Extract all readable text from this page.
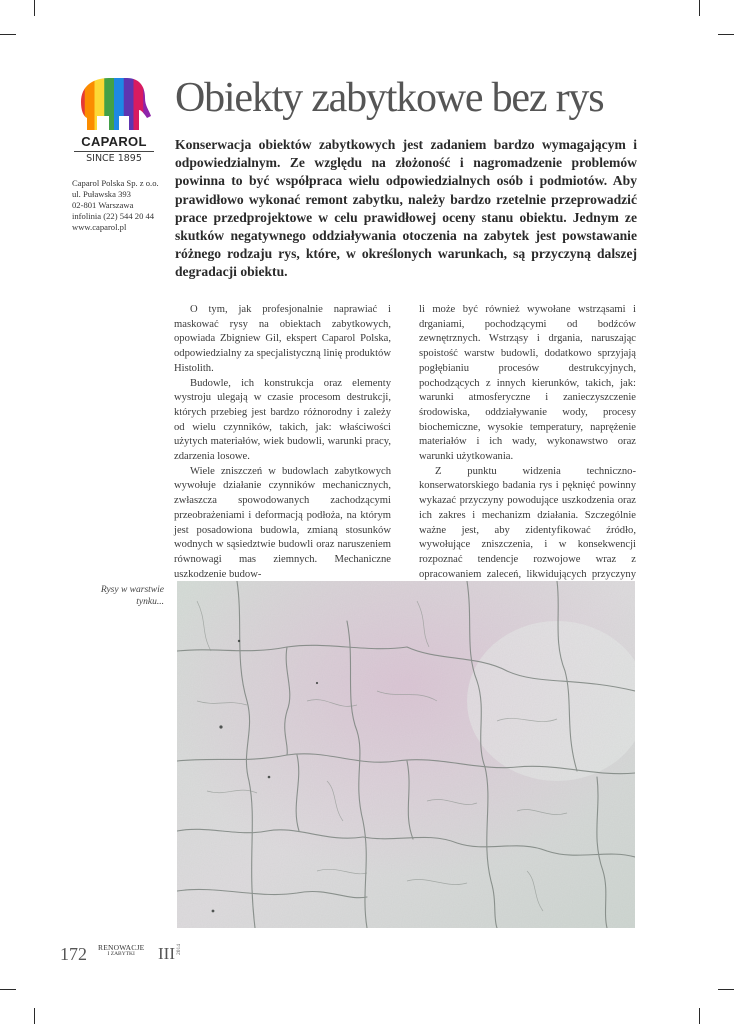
CAPAROL
SINCE 1895
Caparol Polska Sp. z o.o.
ul. Puławska 393
02-801 Warszawa
infolinia (22) 544 20 44
www.caparol.pl
Obiekty zabytkowe bez rys

Konserwacja obiektów zabytkowych jest zadaniem bardzo wymagającym i odpowiedzialnym. Ze względu na złożoność i nagromadzenie problemów powinna to być współpraca wielu odpowiedzialnych osób i podmiotów. Aby prawidłowo wykonać remont zabytku, należy bardzo rzetelnie przeprowadzić prace przedprojektowe w celu prawidłowej oceny stanu obiektu. Jednym ze skutków negatywnego oddziaływania otoczenia na zabytek jest powstawanie różnego rodzaju rys, które, w określonych warunkach, są przyczyną dalszej degradacji obiektu.

O tym, jak profesjonalnie naprawiać i maskować rysy na obiektach zabytkowych, opowiada Zbigniew Gil, ekspert Caparol Polska, odpowiedzialny za specjalistyczną linię produktów Histolith.

Budowle, ich konstrukcja oraz elementy wystroju ulegają w czasie procesom destrukcji, których przebieg jest bardzo różnorodny i zależy od wielu czynników, takich, jak: właściwości użytych materiałów, wiek budowli, warunki pracy, zdarzenia losowe.

Wiele zniszczeń w budowlach zabytkowych wywołuje działanie czynników mechanicznych, zwłaszcza spowodowanych zachodzącymi przeobrażeniami i deformacją podłoża, na którym jest posadowiona budowla, zmianą stosunków wodnych w sąsiedztwie budowli oraz naruszeniem równowagi mas ziemnych. Mechaniczne uszkodzenie budow-

li może być również wywołane wstrząsami i drganiami, pochodzącymi od bodźców zewnętrznych. Wstrząsy i drgania, naruszając spoistość warstw budowli, dodatkowo sprzyjają pogłębianiu procesów destrukcyjnych, pochodzących z innych kierunków, takich, jak: warunki atmosferyczne i zanieczyszczenie środowiska, oddziaływanie wody, procesy biochemiczne, wysokie temperatury, naprężenie materiałów i ich wady, wykonawstwo oraz warunki użytkowania.

Z punktu widzenia techniczno-konserwatorskiego badania rys i pęknięć powinny wykazać przyczyny powodujące uszkodzenia oraz ich zakres i mechanizm działania. Szczególnie ważne jest, aby zidentyfikować źródło, wywołujące zniszczenia, i w konsekwencji rozpoznać tendencje rozwojowe wraz z opracowaniem zaleceń, likwidujących przyczyny

Rysy w warstwie tynku...
172 RENOWACJE
I ZABYTKI	III 2014
